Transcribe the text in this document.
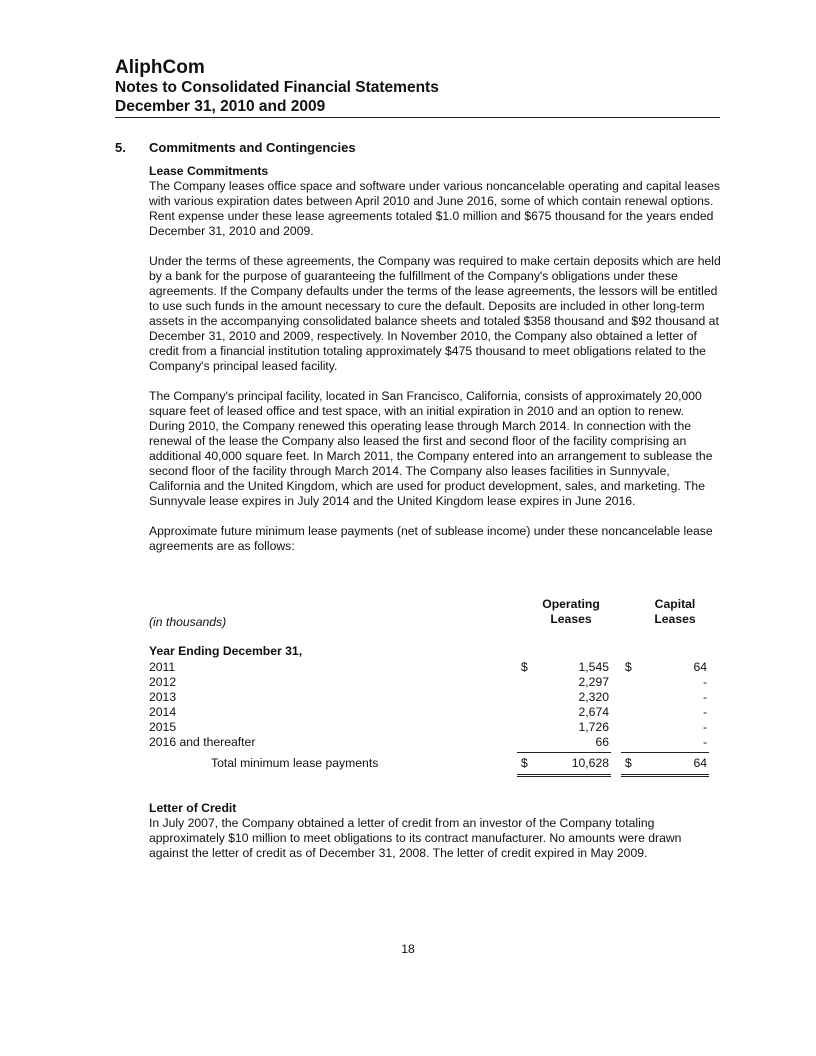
AliphCom

Notes to Consolidated Financial Statements

December 31, 2010 and 2009

5. Commitments and Contingencies

Lease Commitments

The Company leases office space and software under various noncancelable operating and capital leases with various expiration dates between April 2010 and June 2016, some of which contain renewal options. Rent expense under these lease agreements totaled $1.0 million and $675 thousand for the years ended December 31, 2010 and 2009.

Under the terms of these agreements, the Company was required to make certain deposits which are held by a bank for the purpose of guaranteeing the fulfillment of the Company's obligations under these agreements. If the Company defaults under the terms of the lease agreements, the lessors will be entitled to use such funds in the amount necessary to cure the default. Deposits are included in other long-term assets in the accompanying consolidated balance sheets and totaled $358 thousand and $92 thousand at December 31, 2010 and 2009, respectively. In November 2010, the Company also obtained a letter of credit from a financial institution totaling approximately $475 thousand to meet obligations related to the Company's principal leased facility.

The Company's principal facility, located in San Francisco, California, consists of approximately 20,000 square feet of leased office and test space, with an initial expiration in 2010 and an option to renew. During 2010, the Company renewed this operating lease through March 2014. In connection with the renewal of the lease the Company also leased the first and second floor of the facility comprising an additional 40,000 square feet. In March 2011, the Company entered into an arrangement to sublease the second floor of the facility through March 2014. The Company also leases facilities in Sunnyvale, California and the United Kingdom, which are used for product development, sales, and marketing. The Sunnyvale lease expires in July 2014 and the United Kingdom lease expires in June 2016.

Approximate future minimum lease payments (net of sublease income) under these noncancelable lease agreements are as follows:

Operating
Leases
Capital
Leases
(in thousands)
Year Ending December 31,
2011	$	1,545 $	64
2012	2,297	-
2013	2,320	-
2014	2,674	-
2015	1,726	-
2016 and thereafter	66	-
Total minimum lease payments	$	10,628 $	64

Letter of Credit

In July 2007, the Company obtained a letter of credit from an investor of the Company totaling approximately $10 million to meet obligations to its contract manufacturer. No amounts were drawn against the letter of credit as of December 31, 2008. The letter of credit expired in May 2009.

18
